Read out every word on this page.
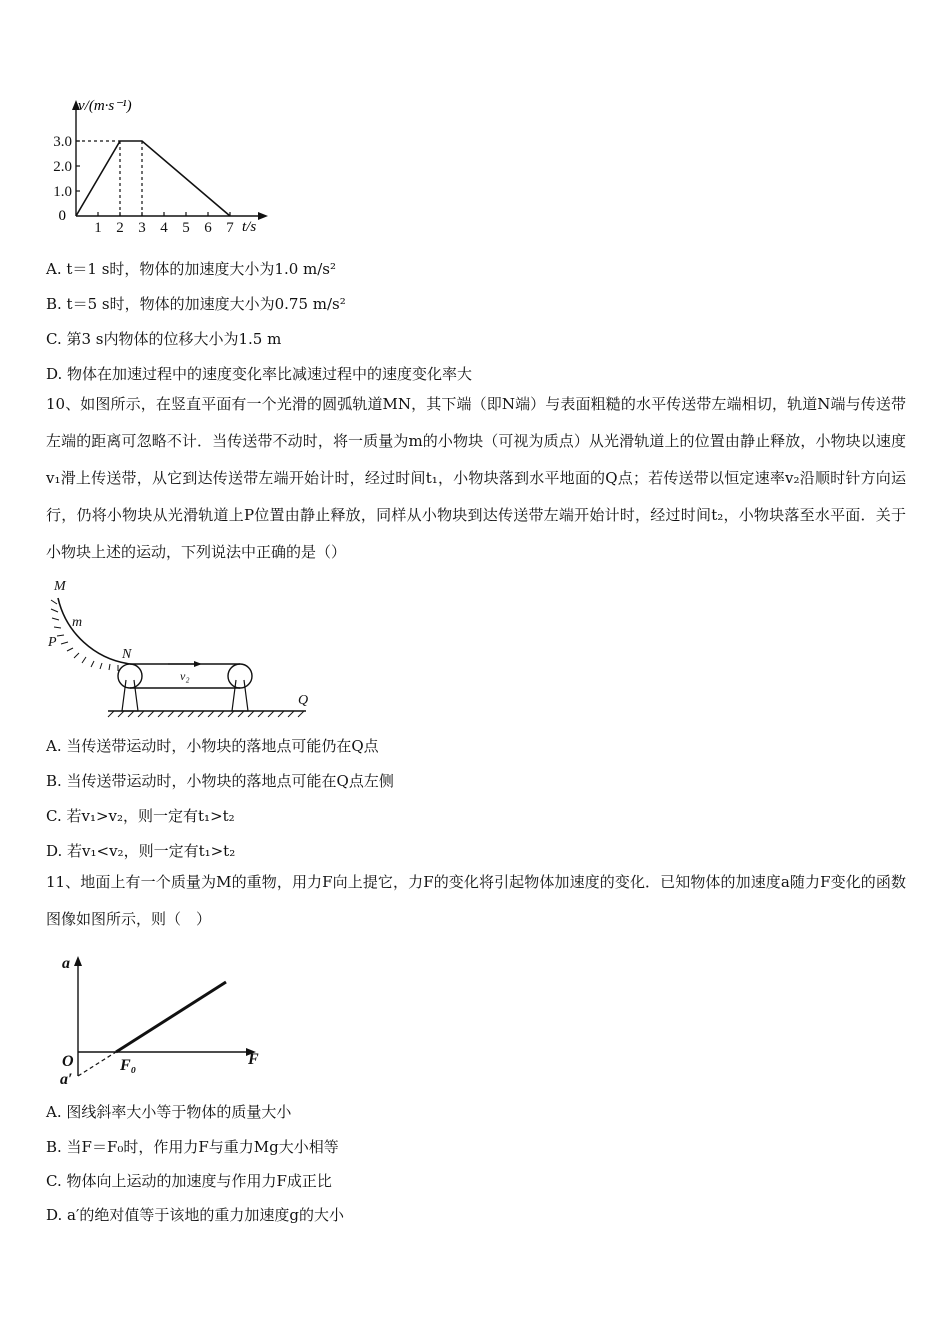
1 2 3 4 5 6 7
3.0
2.0
1.0
v/(m·s⁻¹)
t/s
0
A. t＝1 s时，物体的加速度大小为1.0 m/s²
B. t＝5 s时，物体的加速度大小为0.75 m/s²
C. 第3 s内物体的位移大小为1.5 m
D. 物体在加速过程中的速度变化率比减速过程中的速度变化率大
10、如图所示，在竖直平面有一个光滑的圆弧轨道MN，其下端（即N端）与表面粗糙的水平传送带左端相切，轨道N端与传送带左端的距离可忽略不计．当传送带不动时，将一质量为m的小物块（可视为质点）从光滑轨道上的位置由静止释放，小物块以速度v₁滑上传送带，从它到达传送带左端开始计时，经过时间t₁，小物块落到水平地面的Q点；若传送带以恒定速率v₂沿顺时针方向运行，仍将小物块从光滑轨道上P位置由静止释放，同样从小物块到达传送带左端开始计时，经过时间t₂，小物块落至水平面．关于小物块上述的运动，下列说法中正确的是（）
M
m
P
N
v₂
Q
A. 当传送带运动时，小物块的落地点可能仍在Q点
B. 当传送带运动时，小物块的落地点可能在Q点左侧
C. 若v₁>v₂，则一定有t₁>t₂
D. 若v₁<v₂，则一定有t₁>t₂
11、地面上有一个质量为M的重物，用力F向上提它，力F的变化将引起物体加速度的变化．已知物体的加速度a随力F变化的函数图像如图所示，则（　）
a
O	F₀	F
a′
A. 图线斜率大小等于物体的质量大小
B. 当F＝F₀时，作用力F与重力Mg大小相等
C. 物体向上运动的加速度与作用力F成正比
D. a′的绝对值等于该地的重力加速度g的大小
